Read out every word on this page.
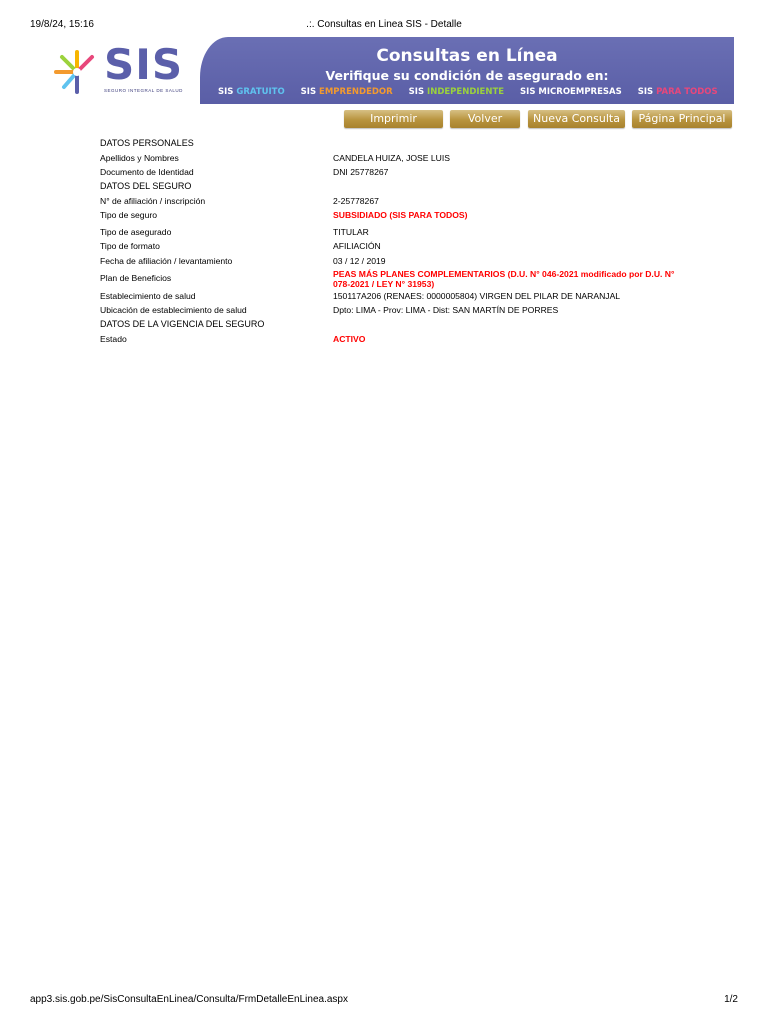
19/8/24, 15:16	.:. Consultas en Linea SIS - Detalle
SIS
SEGURO INTEGRAL DE SALUD
Consultas en Línea
Verifique su condición de asegurado en:
SIS GRATUITO SIS EMPRENDEDOR SIS INDEPENDIENTE SIS MICROEMPRESAS SIS PARA TODOS
Imprimir	Volver	Nueva Consulta	Página Principal
DATOS PERSONALES
Apellidos y Nombres	CANDELA HUIZA, JOSE LUIS
Documento de Identidad	DNI 25778267
DATOS DEL SEGURO
N° de afiliación / inscripción	2-25778267
Tipo de seguro	SUBSIDIADO (SIS PARA TODOS)
Tipo de asegurado	TITULAR
Tipo de formato	AFILIACIÓN
Fecha de afiliación / levantamiento	03 / 12 / 2019
Plan de Beneficios	PEAS MÁS PLANES COMPLEMENTARIOS (D.U. N° 046-2021 modificado por D.U. N° 078-2021 / LEY N° 31953)
Establecimiento de salud	150117A206 (RENAES: 0000005804) VIRGEN DEL PILAR DE NARANJAL
Ubicación de establecimiento de salud	Dpto: LIMA - Prov: LIMA - Dist: SAN MARTÍN DE PORRES
DATOS DE LA VIGENCIA DEL SEGURO
Estado	ACTIVO
app3.sis.gob.pe/SisConsultaEnLinea/Consulta/FrmDetalleEnLinea.aspx	1/2
